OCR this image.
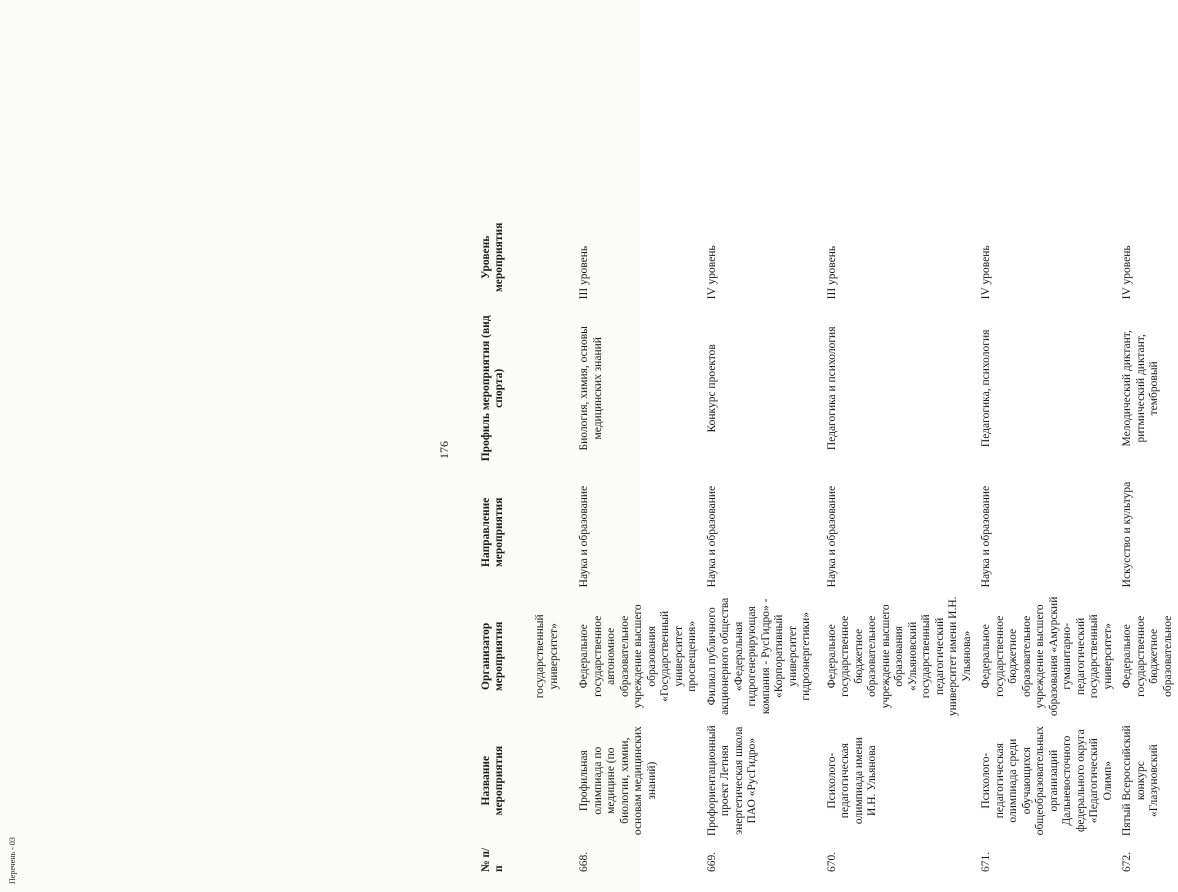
176
№ п/п	Название мероприятия	Организатор мероприятия	Направление мероприятия	Профиль мероприятия (вид спорта)	Уровень мероприятия
		государственный университет»			
668.	Профильная олимпиада по медицине (по биологии, химии, основам медицинских знаний)	Федеральное государственное автономное образовательное учреждение высшего образования «Государственный университет просвещения»	Наука и образование	Биология, химия, основы медицинских знаний	III уровень
669.	Профориентационный проект Летняя энергетическая школа ПАО «РусГидро»	Филиал публичного акционерного общества «Федеральная гидрогенерирующая компания - РусГидро» - «Корпоративный университет гидроэнергетики»	Наука и образование	Конкурс проектов	IV уровень
670.	Психолого-педагогическая олимпиада имени И.Н. Ульянова	Федеральное государственное бюджетное образовательное учреждение высшего образования «Ульяновский государственный педагогический университет имени И.Н. Ульянова»	Наука и образование	Педагогика и психология	III уровень
671.	Психолого-педагогическая олимпиада среди обучающихся общеобразовательных организаций Дальневосточного федерального округа «Педагогический Олимп»	Федеральное государственное бюджетное образовательное учреждение высшего образования «Амурский гуманитарно-педагогический государственный университет»	Наука и образование	Педагогика, психология	IV уровень
672.	Пятый Всероссийский конкурс «Глазуновский	Федеральное государственное бюджетное образовательное	Искусство и культура	Мелодический диктант, ритмический диктант, тембровый	IV уровень
Перечень - 03
